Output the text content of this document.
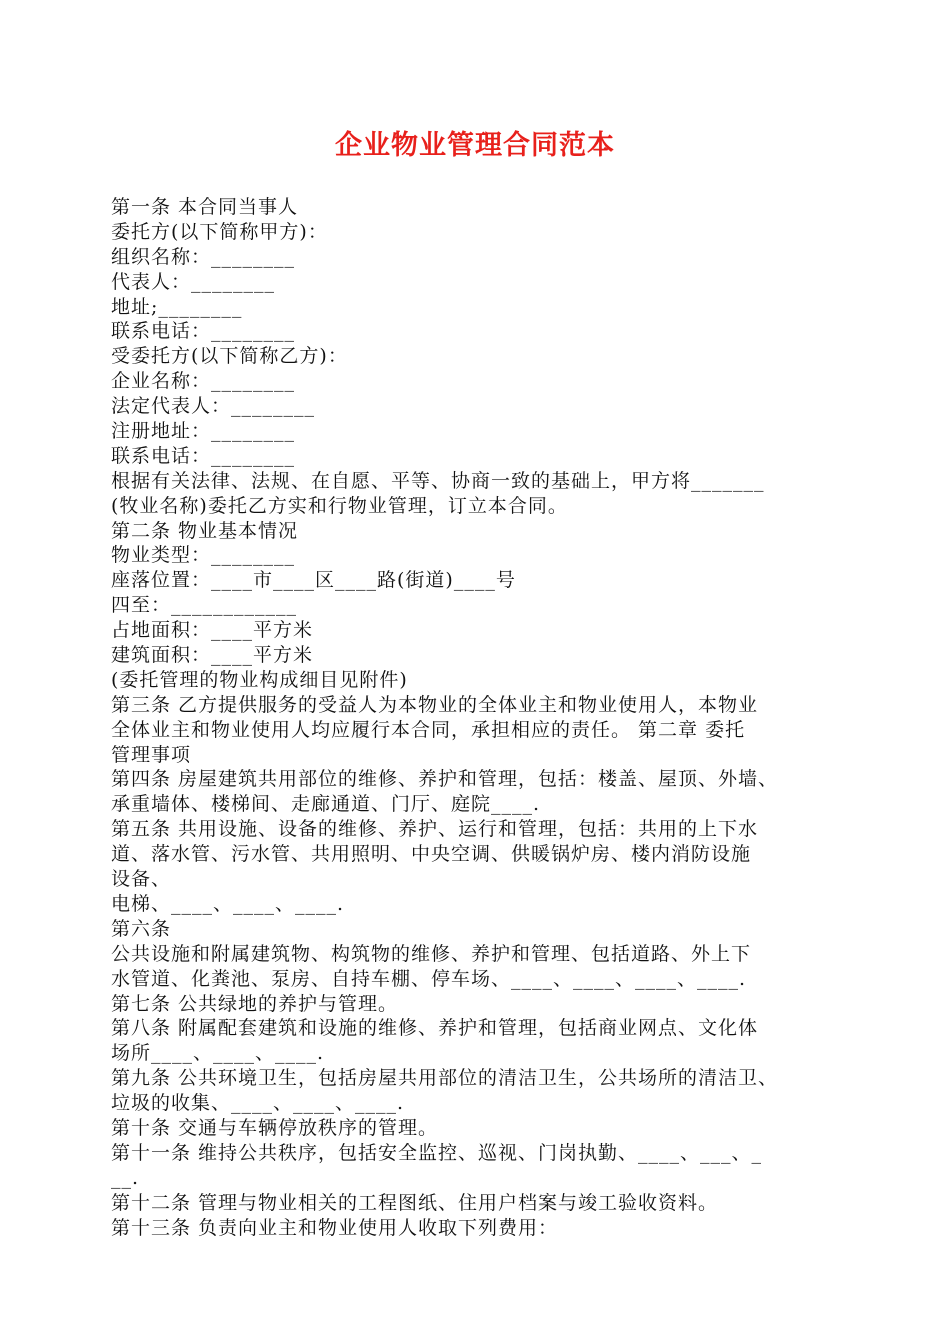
企业物业管理合同范本
第一条 本合同当事人
委托方(以下简称甲方)：
组织名称：________
代表人：________
地址;________
联系电话：________
受委托方(以下简称乙方)：
企业名称：________
法定代表人：________
注册地址：________
联系电话：________
根据有关法律、法规、在自愿、平等、协商一致的基础上，甲方将_______
(牧业名称)委托乙方实和行物业管理，订立本合同。
第二条 物业基本情况
物业类型：________
座落位置：____市____区____路(街道)____号
四至：____________
占地面积：____平方米
建筑面积：____平方米
(委托管理的物业构成细目见附件)
第三条 乙方提供服务的受益人为本物业的全体业主和物业使用人，本物业
全体业主和物业使用人均应履行本合同，承担相应的责任。 第二章 委托
管理事项
第四条 房屋建筑共用部位的维修、养护和管理，包括：楼盖、屋顶、外墙、
承重墙体、楼梯间、走廊通道、门厅、庭院____.
第五条 共用设施、设备的维修、养护、运行和管理，包括：共用的上下水
道、落水管、污水管、共用照明、中央空调、供暖锅炉房、楼内消防设施
设备、
电梯、____、____、____.
第六条
公共设施和附属建筑物、构筑物的维修、养护和管理、包括道路、外上下
水管道、化粪池、泵房、自持车棚、停车场、____、____、____、____.
第七条 公共绿地的养护与管理。
第八条 附属配套建筑和设施的维修、养护和管理，包括商业网点、文化体
场所____、____、____.
第九条 公共环境卫生，包括房屋共用部位的清洁卫生，公共场所的清洁卫、
垃圾的收集、____、____、____.
第十条 交通与车辆停放秩序的管理。
第十一条 维持公共秩序，包括安全监控、巡视、门岗执勤、____、___、_
__.
第十二条 管理与物业相关的工程图纸、住用户档案与竣工验收资料。
第十三条 负责向业主和物业使用人收取下列费用：
